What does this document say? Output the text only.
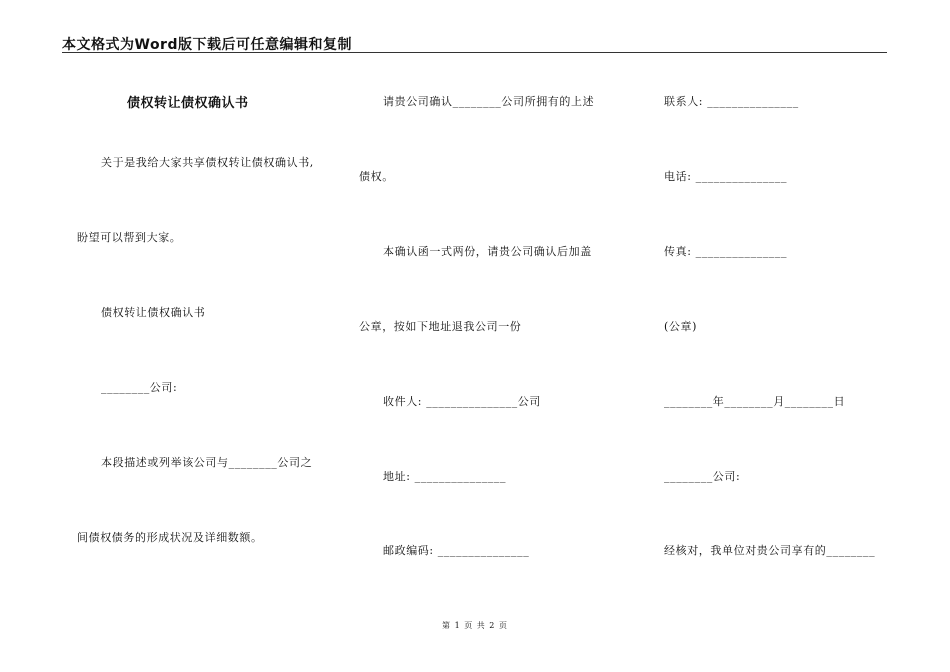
本文格式为Word版下载后可任意编辑和复制
债权转让债权确认书
关于是我给大家共享债权转让债权确认书,
盼望可以帮到大家。
债权转让债权确认书
________公司:
本段描述或列举该公司与________公司之
间债权债务的形成状况及详细数额。
请贵公司确认________公司所拥有的上述
债权。
本确认函一式两份，请贵公司确认后加盖
公章，按如下地址退我公司一份
收件人: _______________公司
地址: _______________
邮政编码: _______________
联系人: _______________
电话: _______________
传真: _______________
(公章)
________年________月________日
________公司:
经核对，我单位对贵公司享有的________
第 1 页 共 2 页
